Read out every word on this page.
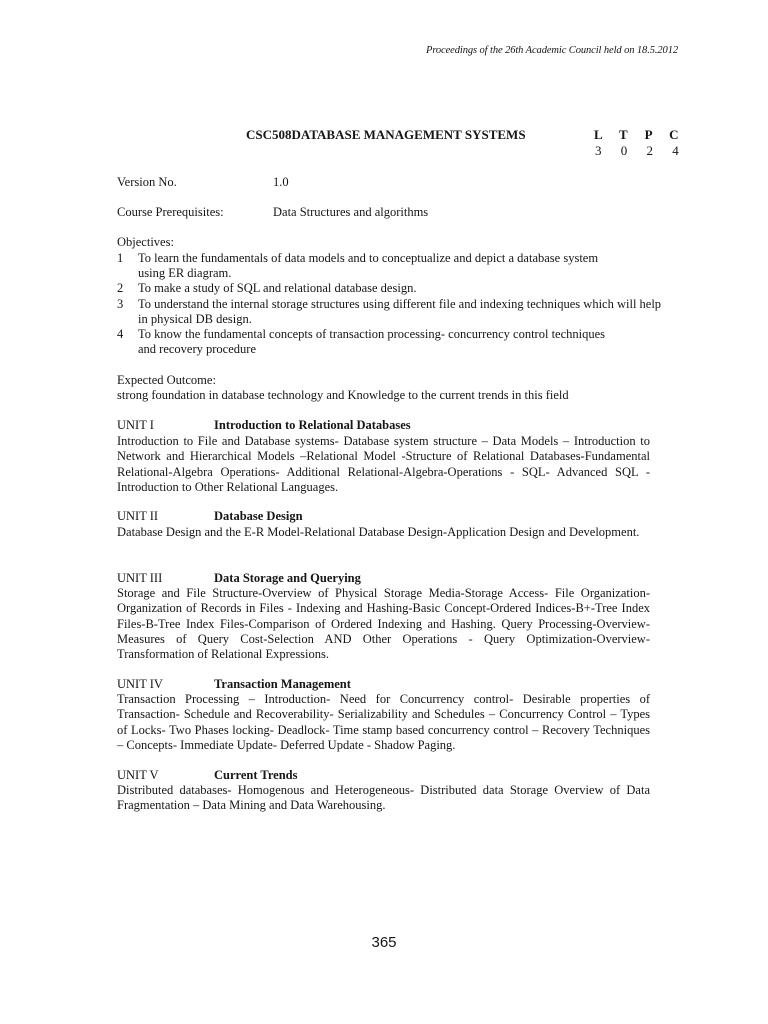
Proceedings of the 26th Academic Council held on 18.5.2012
CSC508DATABASE MANAGEMENT SYSTEMS	L T P C
3 0 2 4
Version No.	1.0
Course Prerequisites:	Data Structures and algorithms
Objectives:
1 To learn the fundamentals of data models and to conceptualize and depict a database system using ER diagram.
2 To make a study of SQL and relational database design.
3 To understand the internal storage structures using different file and indexing techniques which will help in physical DB design.
4 To know the fundamental concepts of transaction processing- concurrency control techniques and recovery procedure
Expected Outcome:
strong foundation in database technology and Knowledge to the current trends in this field
UNIT I	Introduction to Relational Databases
Introduction to File and Database systems- Database system structure – Data Models – Introduction to Network and Hierarchical Models –Relational Model -Structure of Relational Databases-Fundamental Relational-Algebra Operations- Additional Relational-Algebra-Operations - SQL- Advanced SQL - Introduction to Other Relational Languages.
UNIT II	Database Design
Database Design and the E-R Model-Relational Database Design-Application Design and Development.
UNIT III	Data Storage and Querying
Storage and File Structure-Overview of Physical Storage Media-Storage Access- File Organization-Organization of Records in Files - Indexing and Hashing-Basic Concept-Ordered Indices-B+-Tree Index Files-B-Tree Index Files-Comparison of Ordered Indexing and Hashing. Query Processing-Overview-Measures of Query Cost-Selection AND Other Operations - Query Optimization-Overview-Transformation of Relational Expressions.
UNIT IV	Transaction Management
Transaction Processing – Introduction- Need for Concurrency control- Desirable properties of Transaction- Schedule and Recoverability- Serializability and Schedules – Concurrency Control – Types of Locks- Two Phases locking- Deadlock- Time stamp based concurrency control – Recovery Techniques – Concepts- Immediate Update- Deferred Update - Shadow Paging.
UNIT V	Current Trends
Distributed databases- Homogenous and Heterogeneous- Distributed data Storage Overview of Data Fragmentation – Data Mining and Data Warehousing.
365
